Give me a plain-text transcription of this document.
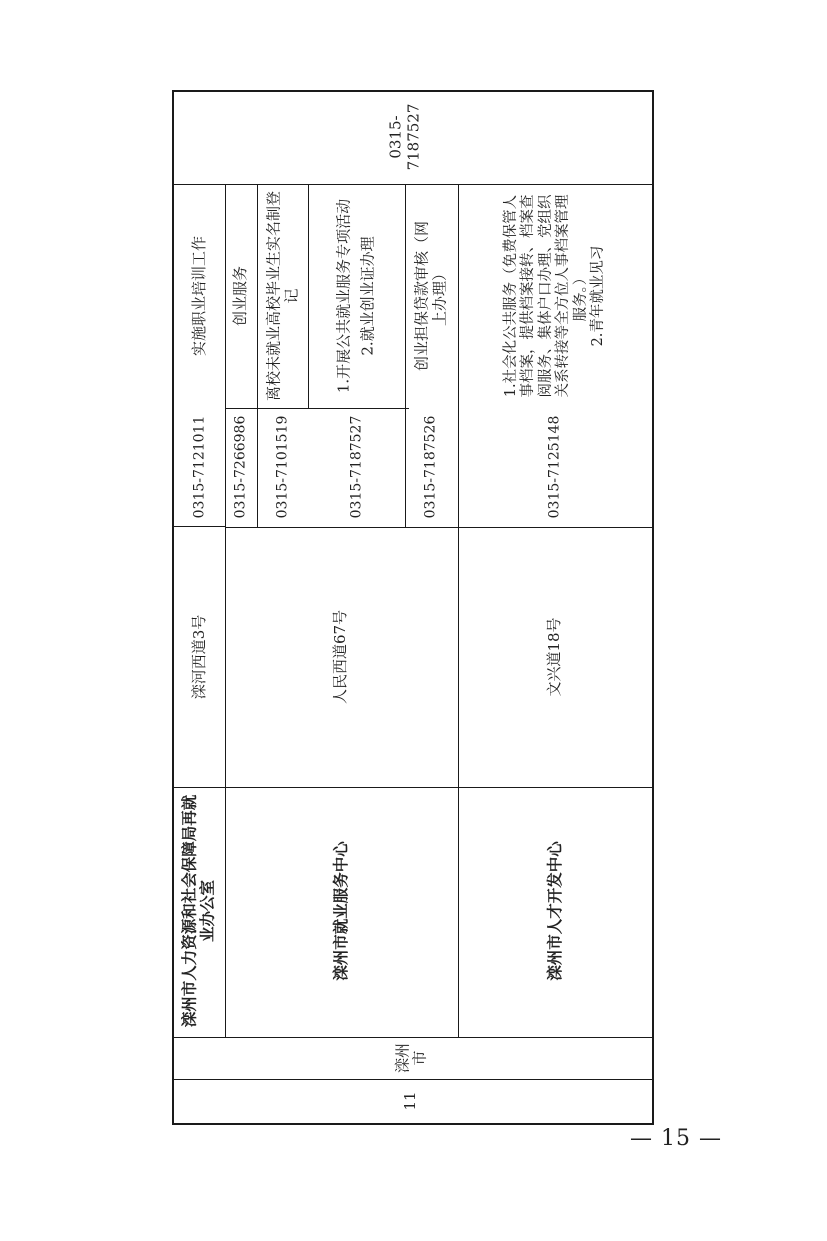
0315-7187527
实施职业培训工作
0315-7121011
滦河西道3号
滦州市人力资源和社会保障局再就业办公室
创业服务
0315-7266986
离校未就业高校毕业生实名制登记
0315-7101519
1.开展公共就业服务专项活动 2.就业创业证办理
0315-7187527
创业担保贷款审核（网上办理）
0315-7187526
人民西道67号
滦州市就业服务中心
1.社会化公共服务（免费保管人事档案，提供档案接转、档案查阅服务、集体户口办理、党组织关系转接等全方位人事档案管理服务。） 2.青年就业见习
0315-7125148
文兴道18号
滦州市人才开发中心
滦州市
11
— 15 —
